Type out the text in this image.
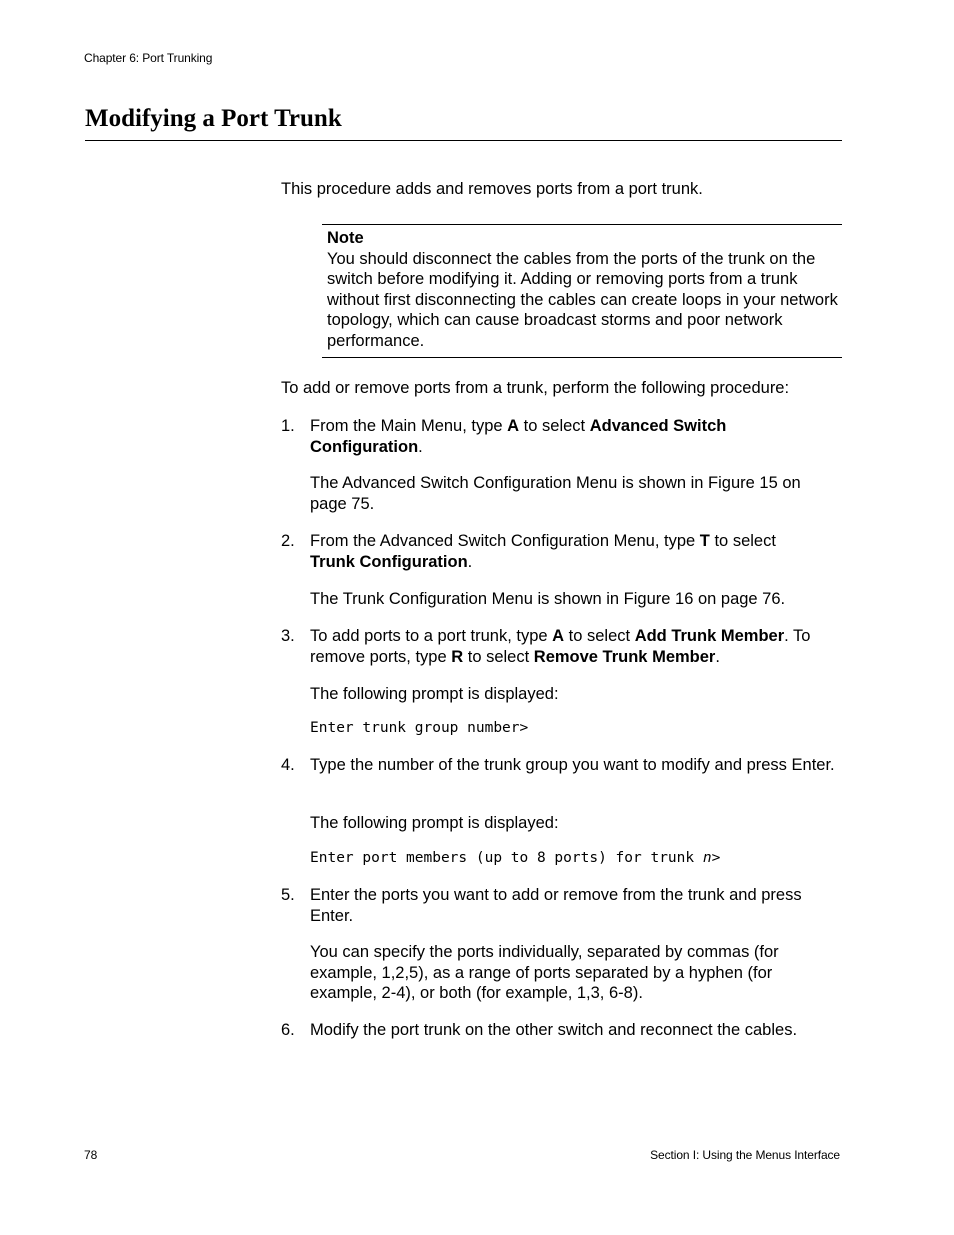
Chapter 6: Port Trunking
Modifying a Port Trunk
This procedure adds and removes ports from a port trunk.
Note
You should disconnect the cables from the ports of the trunk on the switch before modifying it. Adding or removing ports from a trunk without first disconnecting the cables can create loops in your network topology, which can cause broadcast storms and poor network performance.
To add or remove ports from a trunk, perform the following procedure:
1. From the Main Menu, type A to select Advanced Switch Configuration.
The Advanced Switch Configuration Menu is shown in Figure 15 on page 75.
2. From the Advanced Switch Configuration Menu, type T to select Trunk Configuration.
The Trunk Configuration Menu is shown in Figure 16 on page 76.
3. To add ports to a port trunk, type A to select Add Trunk Member. To remove ports, type R to select Remove Trunk Member.
The following prompt is displayed:
Enter trunk group number>
4. Type the number of the trunk group you want to modify and press Enter.
The following prompt is displayed:
Enter port members (up to 8 ports) for trunk n>
5. Enter the ports you want to add or remove from the trunk and press Enter.
You can specify the ports individually, separated by commas (for example, 1,2,5), as a range of ports separated by a hyphen (for example, 2-4), or both (for example, 1,3, 6-8).
6. Modify the port trunk on the other switch and reconnect the cables.
78	Section I: Using the Menus Interface
